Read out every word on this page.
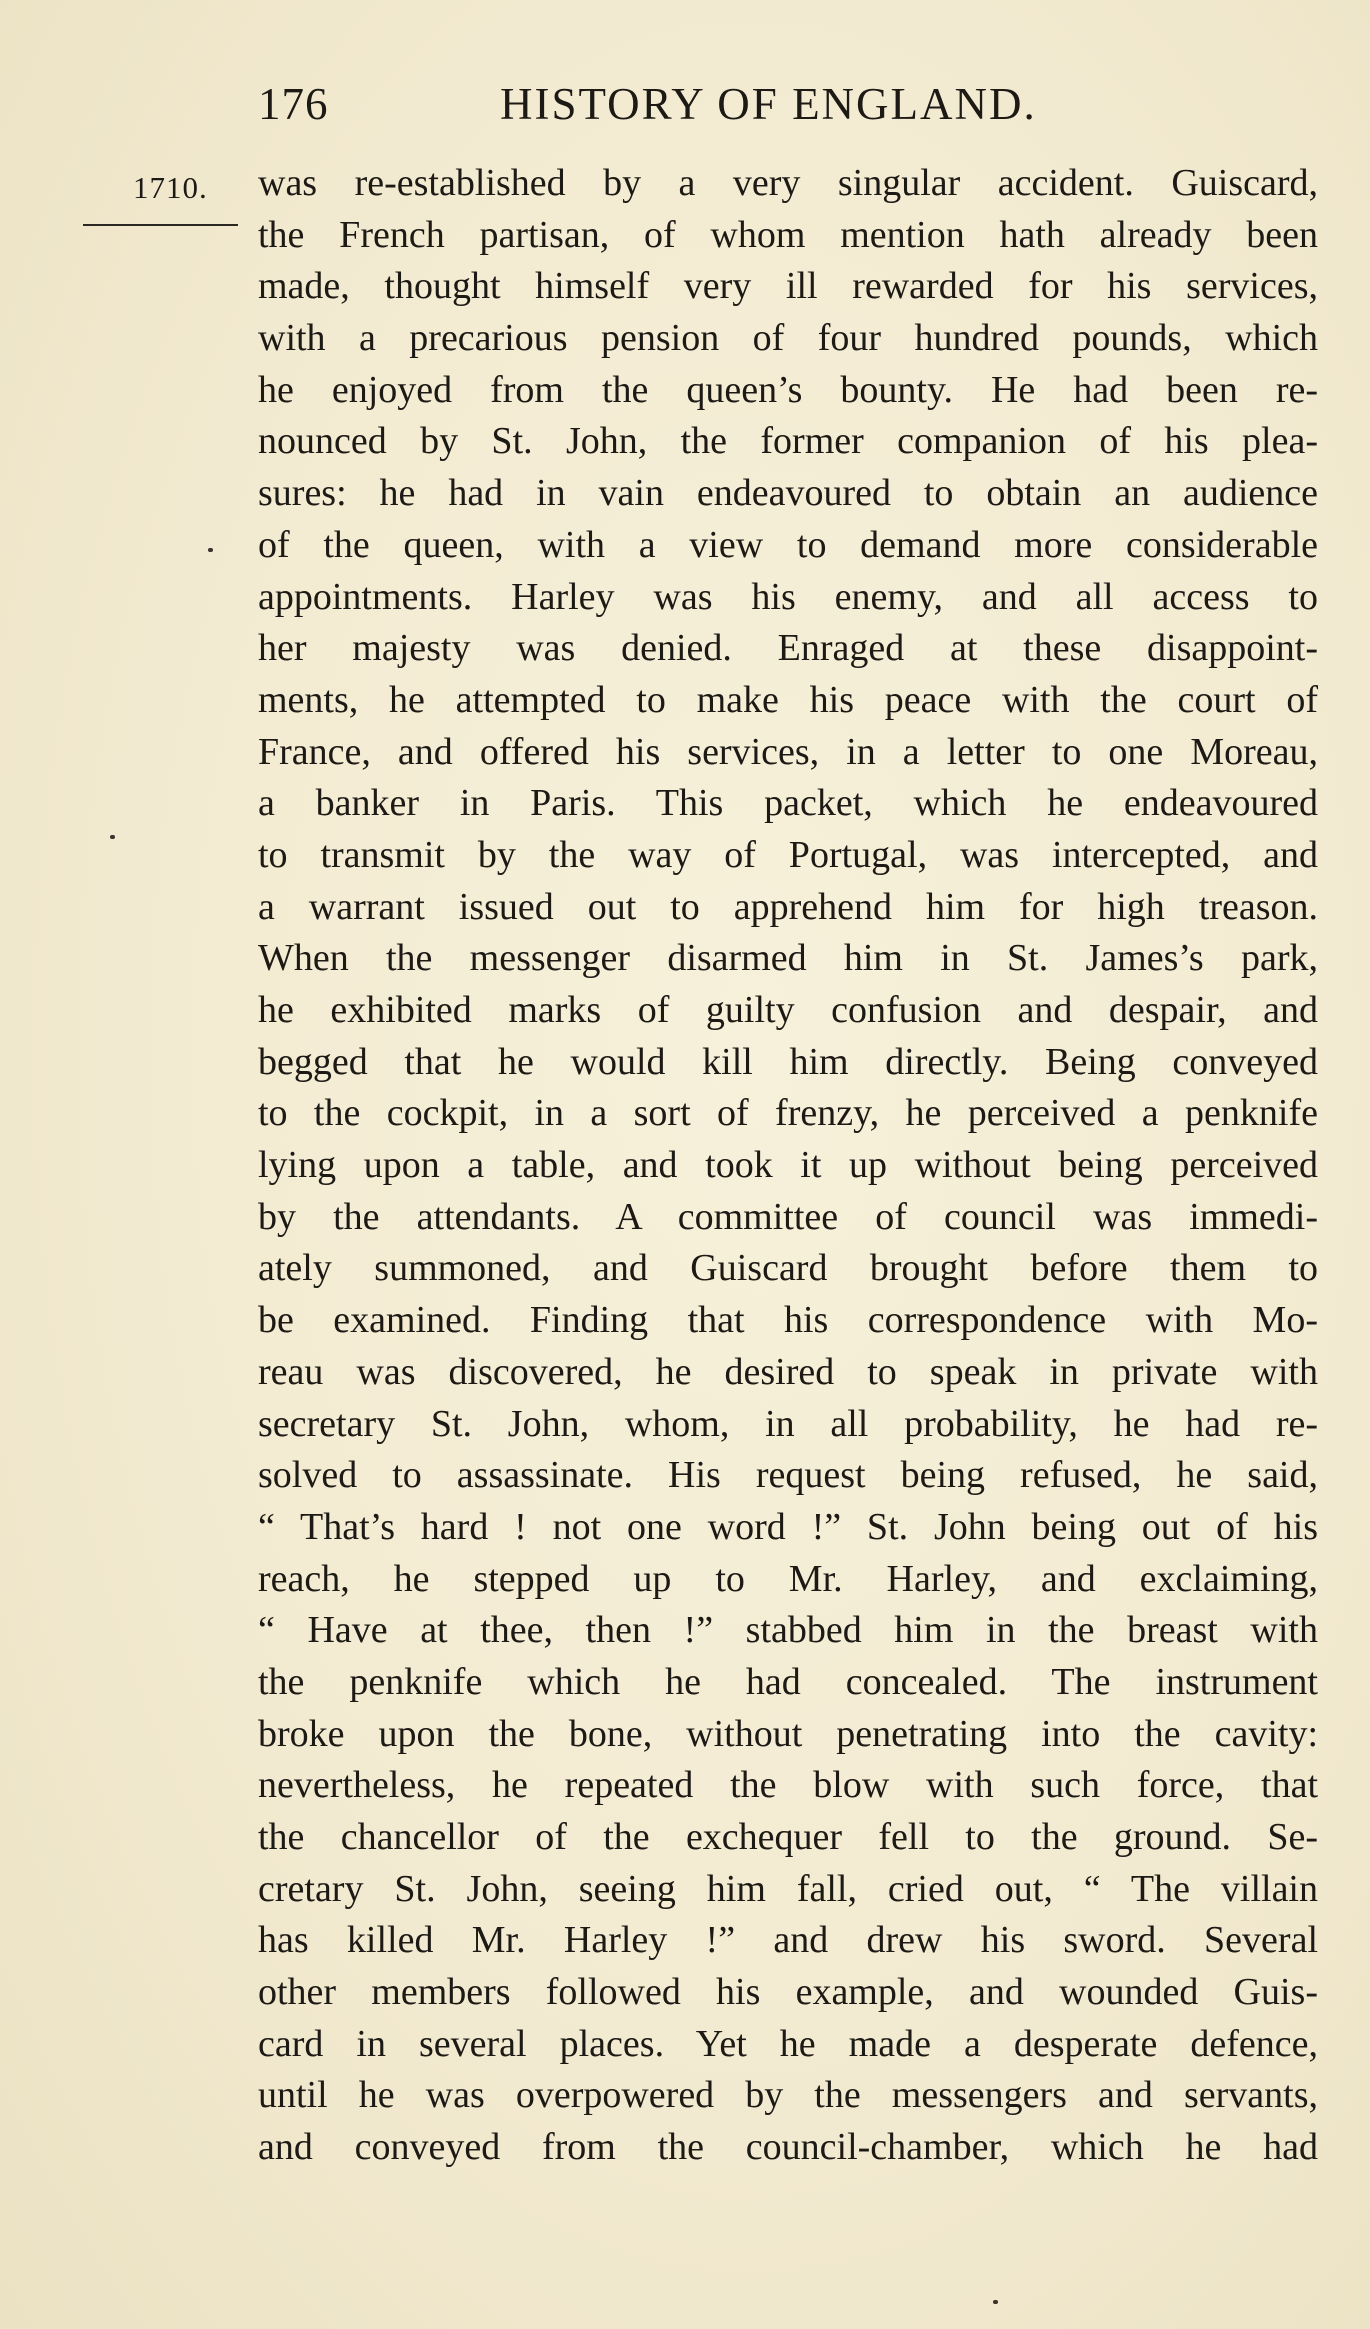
176	HISTORY OF ENGLAND.
1710. was re-established by a very singular accident. Guiscard,
the French partisan, of whom mention hath already been
made, thought himself very ill rewarded for his services,
with a precarious pension of four hundred pounds, which
he enjoyed from the queen’s bounty. He had been re-
nounced by St. John, the former companion of his plea-
sures: he had in vain endeavoured to obtain an audience
of the queen, with a view to demand more considerable
appointments. Harley was his enemy, and all access to
her majesty was denied. Enraged at these disappoint-
ments, he attempted to make his peace with the court of
France, and offered his services, in a letter to one Moreau,
a banker in Paris. This packet, which he endeavoured
to transmit by the way of Portugal, was intercepted, and
a warrant issued out to apprehend him for high treason.
When the messenger disarmed him in St. James’s park,
he exhibited marks of guilty confusion and despair, and
begged that he would kill him directly. Being conveyed
to the cockpit, in a sort of frenzy, he perceived a penknife
lying upon a table, and took it up without being perceived
by the attendants. A committee of council was immedi-
ately summoned, and Guiscard brought before them to
be examined. Finding that his correspondence with Mo-
reau was discovered, he desired to speak in private with
secretary St. John, whom, in all probability, he had re-
solved to assassinate. His request being refused, he said,
“ That’s hard ! not one word !” St. John being out of his
reach, he stepped up to Mr. Harley, and exclaiming,
“ Have at thee, then !” stabbed him in the breast with
the penknife which he had concealed. The instrument
broke upon the bone, without penetrating into the cavity:
nevertheless, he repeated the blow with such force, that
the chancellor of the exchequer fell to the ground. Se-
cretary St. John, seeing him fall, cried out, “ The villain
has killed Mr. Harley !” and drew his sword. Several
other members followed his example, and wounded Guis-
card in several places. Yet he made a desperate defence,
until he was overpowered by the messengers and servants,
and conveyed from the council-chamber, which he had
